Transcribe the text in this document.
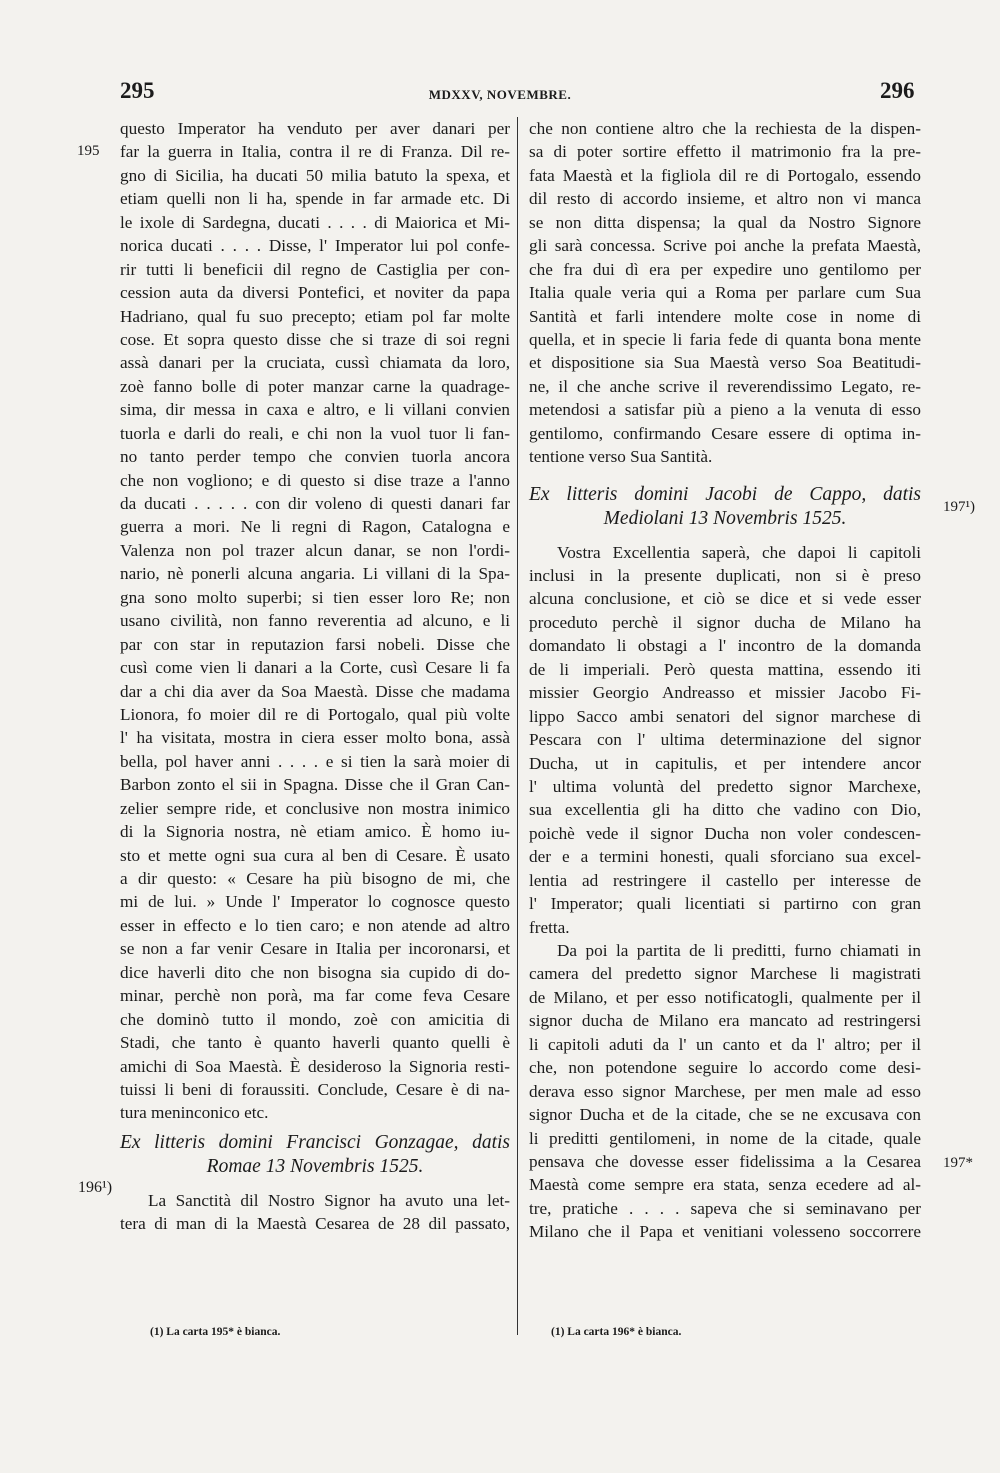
295	MDXXV, NOVEMBRE.	296
195
196¹)
197¹)
197*
questo Imperator ha venduto per aver danari per
far la guerra in Italia, contra il re di Franza. Dil re-
gno di Sicilia, ha ducati 50 milia batuto la spexa, et
etiam quelli non li ha, spende in far armade etc. Di
le ixole di Sardegna, ducati . . . . di Maiorica et Mi-
norica ducati . . . . Disse, l' Imperator lui pol confe-
rir tutti li beneficii dil regno de Castiglia per con-
cession auta da diversi Pontefici, et noviter da papa
Hadriano, qual fu suo precepto; etiam pol far molte
cose. Et sopra questo disse che si traze di soi regni
assà danari per la cruciata, cussì chiamata da loro,
zoè fanno bolle di poter manzar carne la quadrage-
sima, dir messa in caxa e altro, e li villani convien
tuorla e darli do reali, e chi non la vuol tuor li fan-
no tanto perder tempo che convien tuorla ancora
che non vogliono; e di questo si dise traze a l'anno
da ducati . . . . . con dir voleno di questi danari far
guerra a mori. Ne li regni di Ragon, Catalogna e
Valenza non pol trazer alcun danar, se non l'ordi-
nario, nè ponerli alcuna angaria. Li villani di la Spa-
gna sono molto superbi; si tien esser loro Re; non
usano civilità, non fanno reverentia ad alcuno, e li
par con star in reputazion farsi nobeli. Disse che
cusì come vien li danari a la Corte, cusì Cesare li fa
dar a chi dia aver da Soa Maestà. Disse che madama
Lionora, fo moier dil re di Portogalo, qual più volte
l' ha visitata, mostra in ciera esser molto bona, assà
bella, pol haver anni . . . . e si tien la sarà moier di
Barbon zonto el sii in Spagna. Disse che il Gran Can-
zelier sempre ride, et conclusive non mostra inimico
di la Signoria nostra, nè etiam amico. È homo iu-
sto et mette ogni sua cura al ben di Cesare. È usato
a dir questo: « Cesare ha più bisogno de mi, che
mi de lui. » Unde l' Imperator lo cognosce questo
esser in effecto e lo tien caro; e non atende ad altro
se non a far venir Cesare in Italia per incoronarsi, et
dice haverli dito che non bisogna sia cupido di do-
minar, perchè non porà, ma far come feva Cesare
che dominò tutto il mondo, zoè con amicitia di
Stadi, che tanto è quanto haverli quanto quelli è
amichi di Soa Maestà. È desideroso la Signoria resti-
tuissi li beni di foraussiti. Conclude, Cesare è di na-
tura meninconico etc.
Ex litteris domini Francisci Gonzagae, datis
Romae 13 Novembris 1525.
La Sanctità dil Nostro Signor ha avuto una let-
tera di man di la Maestà Cesarea de 28 dil passato,
che non contiene altro che la rechiesta de la dispen-
sa di poter sortire effetto il matrimonio fra la pre-
fata Maestà et la figliola dil re di Portogalo, essendo
dil resto di accordo insieme, et altro non vi manca
se non ditta dispensa; la qual da Nostro Signore
gli sarà concessa. Scrive poi anche la prefata Maestà,
che fra dui dì era per expedire uno gentilomo per
Italia quale veria qui a Roma per parlare cum Sua
Santità et farli intendere molte cose in nome di
quella, et in specie li faria fede di quanta bona mente
et dispositione sia Sua Maestà verso Soa Beatitudi-
ne, il che anche scrive il reverendissimo Legato, re-
metendosi a satisfar più a pieno a la venuta di esso
gentilomo, confirmando Cesare essere di optima in-
tentione verso Sua Santità.
Ex litteris domini Jacobi de Cappo, datis
Mediolani 13 Novembris 1525.
Vostra Excellentia saperà, che dapoi li capitoli
inclusi in la presente duplicati, non si è preso
alcuna conclusione, et ciò se dice et si vede esser
proceduto perchè il signor ducha de Milano ha
domandato li obstagi a l' incontro de la domanda
de li imperiali. Però questa mattina, essendo iti
missier Georgio Andreasso et missier Jacobo Fi-
lippo Sacco ambi senatori del signor marchese di
Pescara con l' ultima determinazione del signor
Ducha, ut in capitulis, et per intendere ancor
l' ultima voluntà del predetto signor Marchexe,
sua excellentia gli ha ditto che vadino con Dio,
poichè vede il signor Ducha non voler condescen-
der e a termini honesti, quali sforciano sua excel-
lentia ad restringere il castello per interesse de
l' Imperator; quali licentiati si partirno con gran
fretta.
Da poi la partita de li preditti, furno chiamati in
camera del predetto signor Marchese li magistrati
de Milano, et per esso notificatogli, qualmente per il
signor ducha de Milano era mancato ad restringersi
li capitoli aduti da l' un canto et da l' altro; per il
che, non potendone seguire lo accordo come desi-
derava esso signor Marchese, per men male ad esso
signor Ducha et de la citade, che se ne excusava con
li preditti gentilomeni, in nome de la citade, quale
pensava che dovesse esser fidelissima a la Cesarea
Maestà come sempre era stata, senza ecedere ad al-
tre, pratiche . . . . sapeva che si seminavano per
Milano che il Papa et venitiani volesseno soccorrere
(1) La carta 195* è bianca.	(1) La carta 196* è bianca.
